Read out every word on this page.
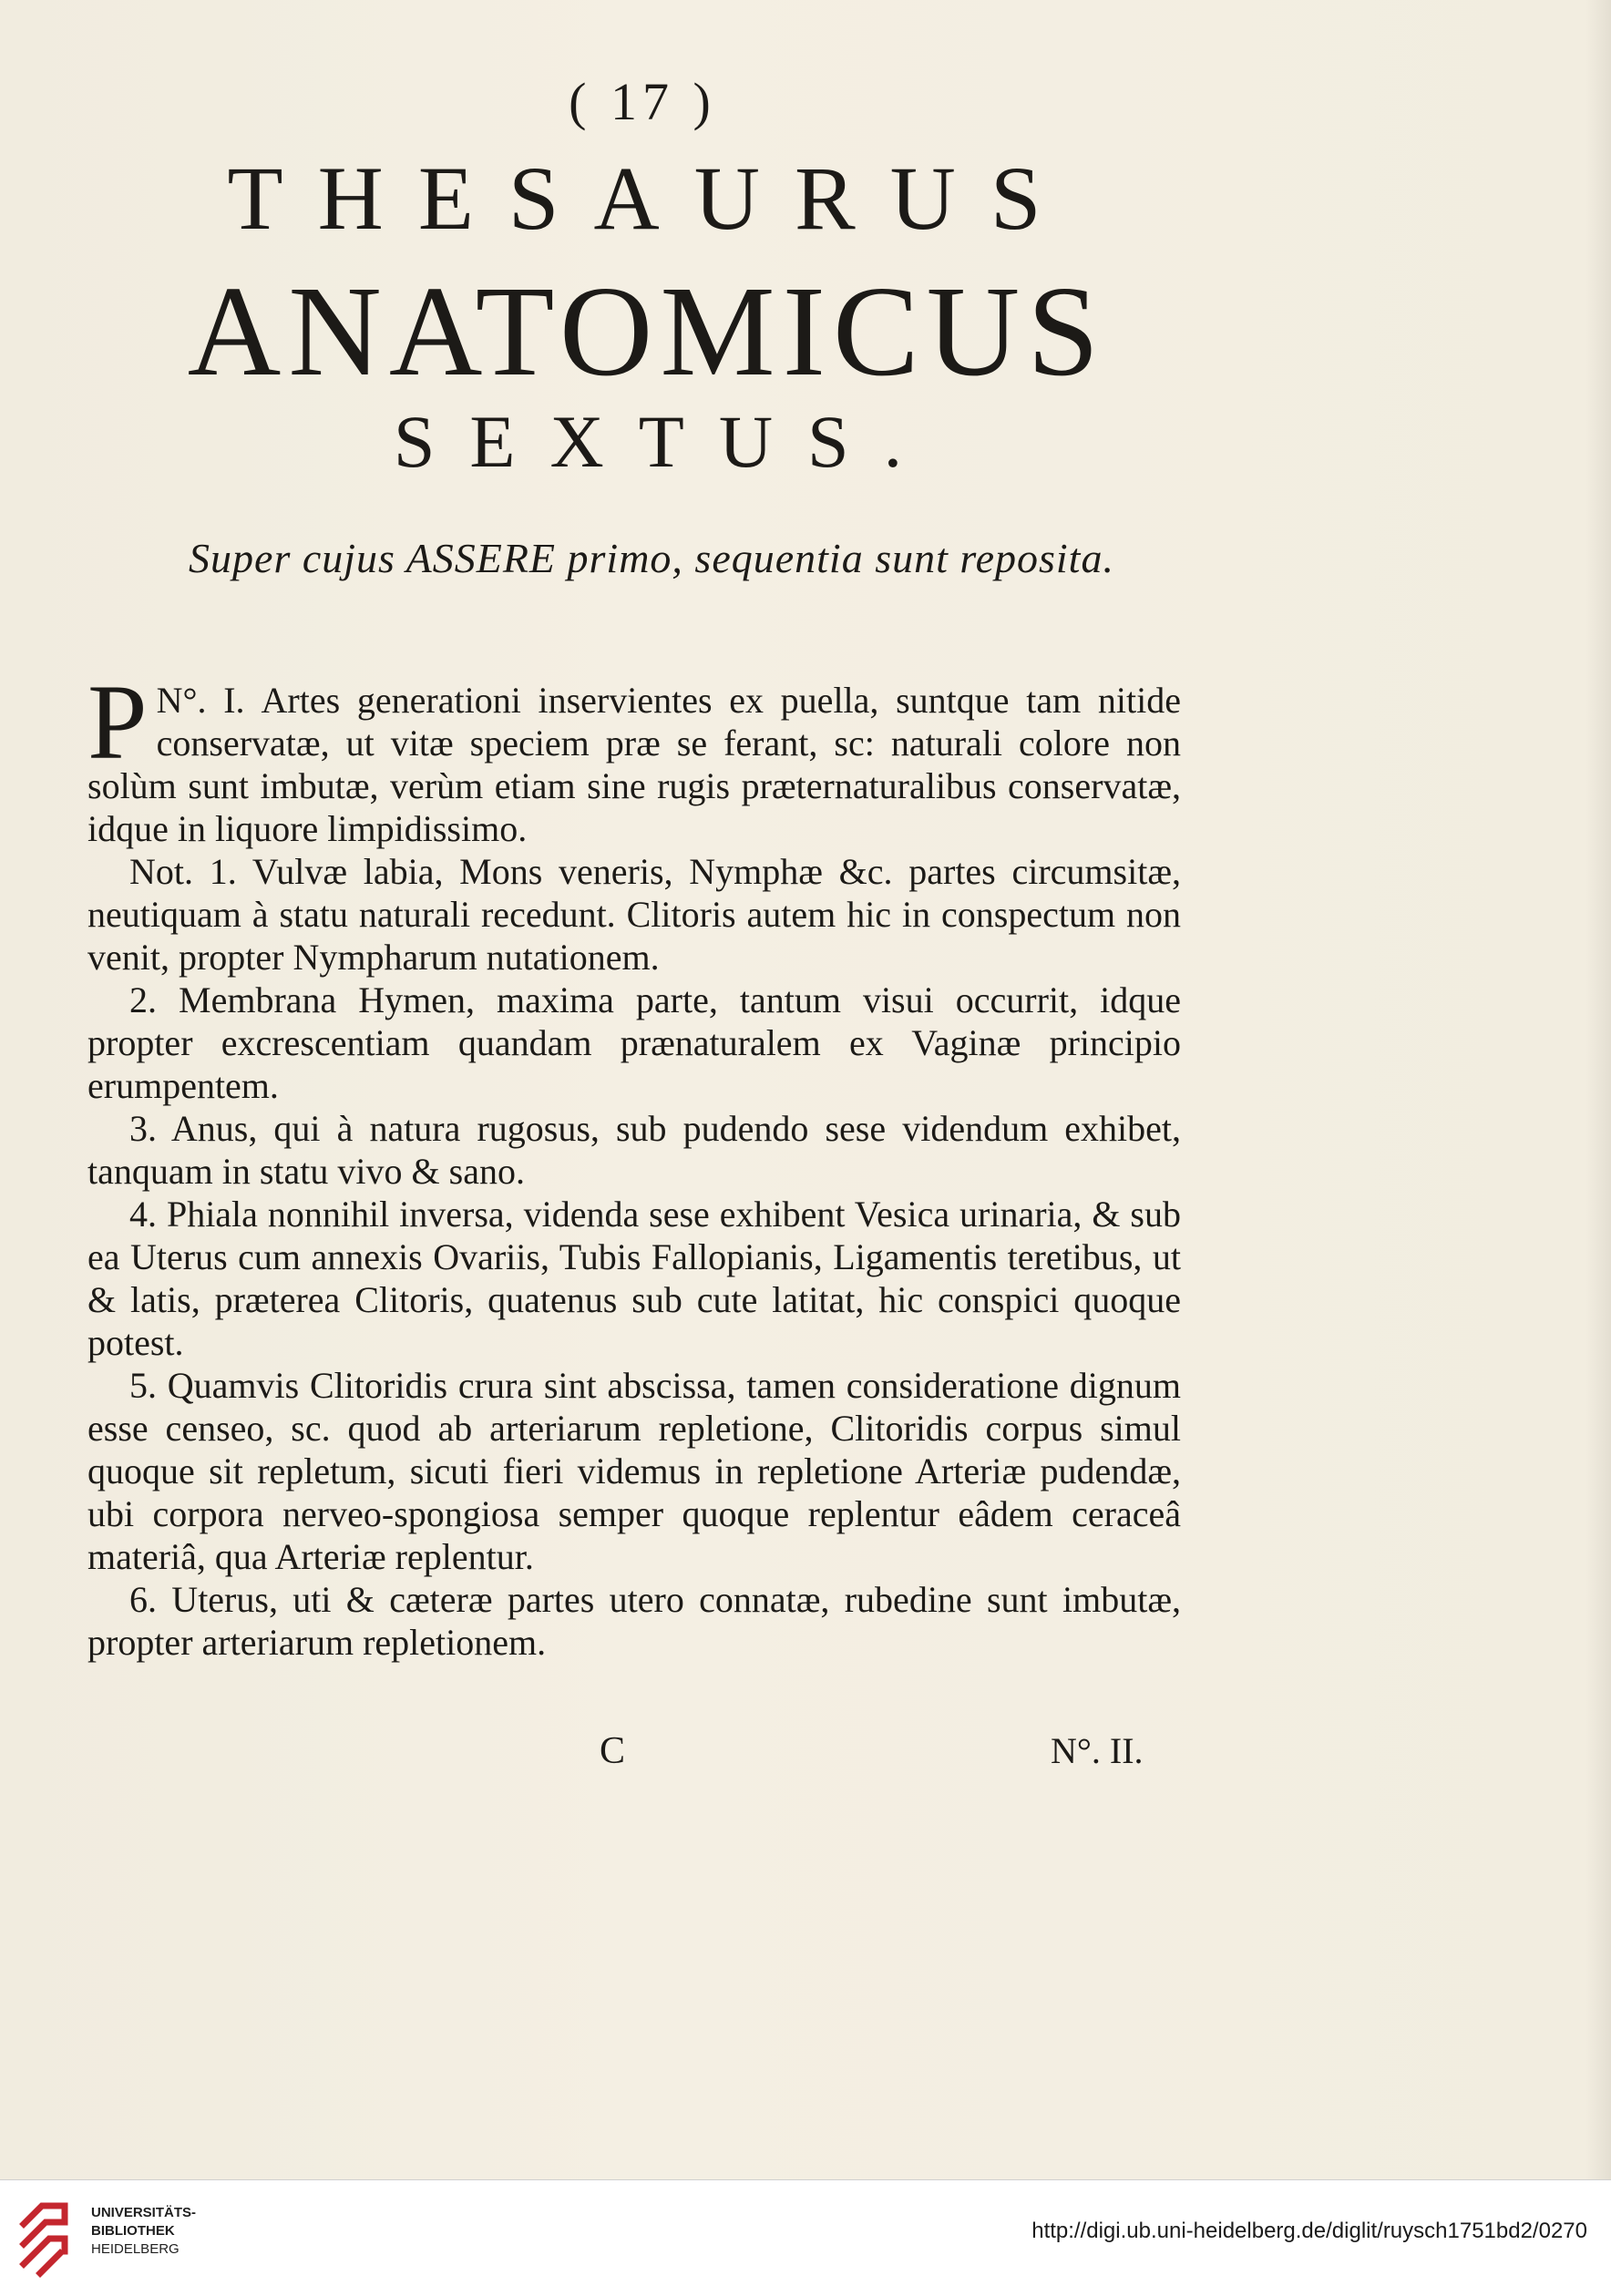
( 17 )
THESAURUS
ANATOMICUS
SEXTUS.
Super cujus ASSERE primo, sequentia sunt reposita.

N°. I.
P	Artes generationi inservientes ex puella, suntque tam nitide conservatæ, ut vitæ speciem præ se ferant, sc: naturali colore non solùm sunt imbutæ, verùm etiam sine rugis præternaturalibus conservatæ, idque in liquore limpidissimo.

Not. 1. Vulvæ labia, Mons veneris, Nymphæ &c. partes circumsitæ, neutiquam à statu naturali recedunt. Clitoris autem hic in conspectum non venit, propter Nympharum nutationem.

2. Membrana Hymen, maxima parte, tantum visui occurrit, idque propter excrescentiam quandam prænaturalem ex Vaginæ principio erumpentem.

3. Anus, qui à natura rugosus, sub pudendo sese videndum exhibet, tanquam in statu vivo & sano.

4. Phiala nonnihil inversa, videnda sese exhibent Vesica urinaria, & sub ea Uterus cum annexis Ovariis, Tubis Fallopianis, Ligamentis teretibus, ut & latis, præterea Clitoris, quatenus sub cute latitat, hic conspici quoque potest.

5. Quamvis Clitoridis crura sint abscissa, tamen consideratione dignum esse censeo, sc. quod ab arteriarum repletione, Clitoridis corpus simul quoque sit repletum, sicuti fieri videmus in repletione Arteriæ pudendæ, ubi corpora nerveo-spongiosa semper quoque replentur eâdem ceraceâ materiâ, qua Arteriæ replentur.

6. Uterus, uti & cæteræ partes utero connatæ, rubedine sunt imbutæ, propter arteriarum repletionem.

C	N°. II.
UNIVERSITÄTS-
BIBLIOTHEK
HEIDELBERG
http://digi.ub.uni-heidelberg.de/diglit/ruysch1751bd2/0270
